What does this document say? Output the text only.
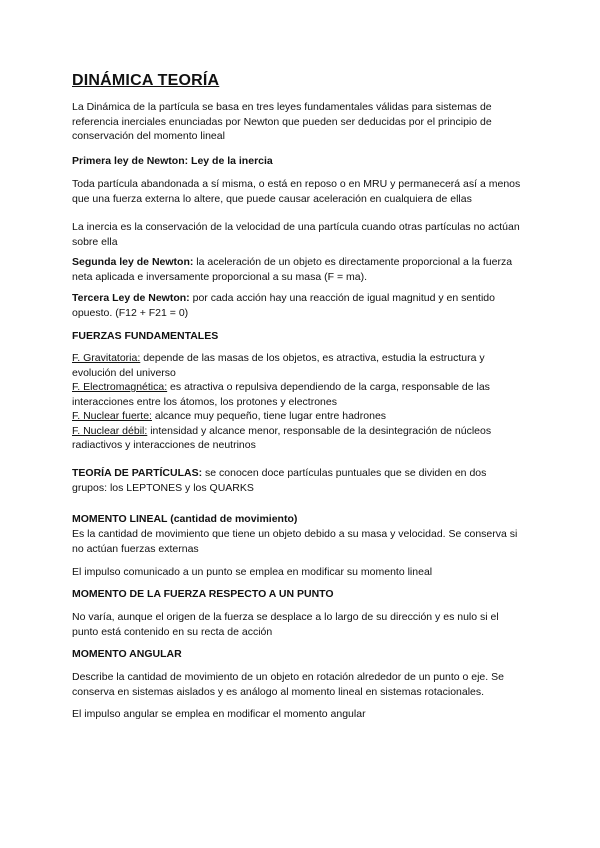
DINÁMICA TEORÍA
La Dinámica de la partícula se basa en tres leyes fundamentales válidas para sistemas de referencia inerciales enunciadas por Newton que pueden ser deducidas por el principio de conservación del momento lineal
Primera ley de Newton: Ley de la inercia
Toda partícula abandonada a sí misma, o está en reposo o en MRU y permanecerá así a menos que una fuerza externa lo altere, que puede causar aceleración en cualquiera de ellas
La inercia es la conservación de la velocidad de una partícula cuando otras partículas no actúan sobre ella
Segunda ley de Newton: la aceleración de un objeto es directamente proporcional a la fuerza neta aplicada e inversamente proporcional a su masa (F = ma).
Tercera Ley de Newton: por cada acción hay una reacción de igual magnitud y en sentido opuesto. (F12 + F21 = 0)
FUERZAS FUNDAMENTALES
F. Gravitatoria: depende de las masas de los objetos, es atractiva, estudia la estructura y evolución del universo
F. Electromagnética: es atractiva o repulsiva dependiendo de la carga, responsable de las interacciones entre los átomos, los protones y electrones
F. Nuclear fuerte: alcance muy pequeño, tiene lugar entre hadrones
F. Nuclear débil: intensidad y alcance menor, responsable de la desintegración de núcleos radiactivos y interacciones de neutrinos
TEORÍA DE PARTÍCULAS: se conocen doce partículas puntuales que se dividen en dos grupos: los LEPTONES y los QUARKS
MOMENTO LINEAL (cantidad de movimiento)
Es la cantidad de movimiento que tiene un objeto debido a su masa y velocidad. Se conserva si no actúan fuerzas externas
El impulso comunicado a un punto se emplea en modificar su momento lineal
MOMENTO DE LA FUERZA RESPECTO A UN PUNTO
No varía, aunque el origen de la fuerza se desplace a lo largo de su dirección y es nulo si el punto está contenido en su recta de acción
MOMENTO ANGULAR
Describe la cantidad de movimiento de un objeto en rotación alrededor de un punto o eje. Se conserva en sistemas aislados y es análogo al momento lineal en sistemas rotacionales.
El impulso angular se emplea en modificar el momento angular
